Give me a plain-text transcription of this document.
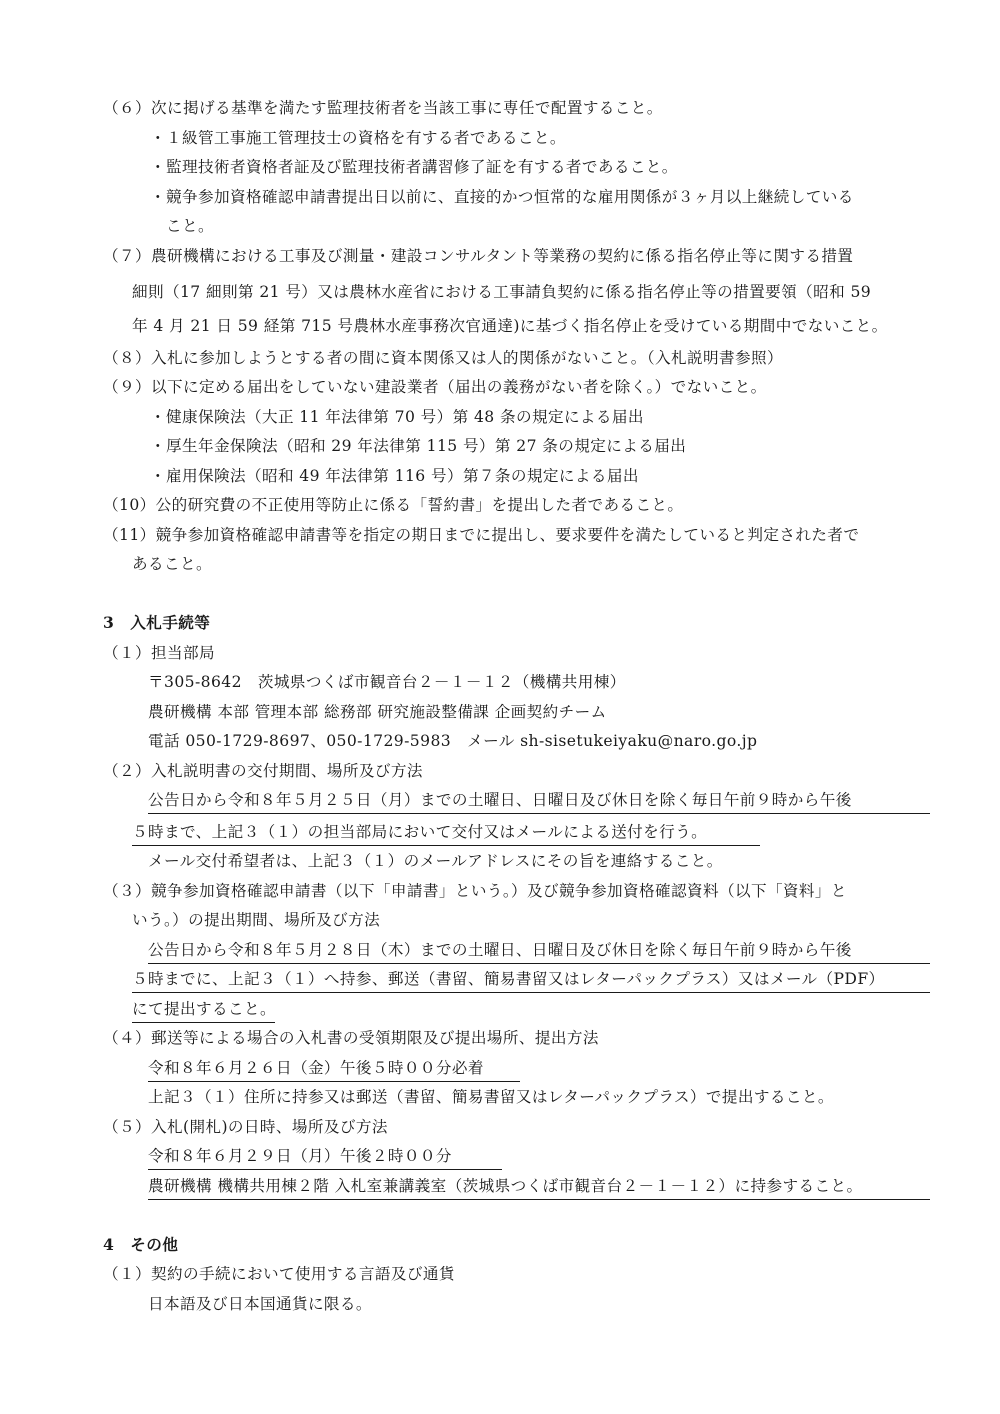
（６）次に掲げる基準を満たす監理技術者を当該工事に専任で配置すること。
・１級管工事施工管理技士の資格を有する者であること。
・監理技術者資格者証及び監理技術者講習修了証を有する者であること。
・競争参加資格確認申請書提出日以前に、直接的かつ恒常的な雇用関係が３ヶ月以上継続している
こと。
（７）農研機構における工事及び測量・建設コンサルタント等業務の契約に係る指名停止等に関する措置
細則（17 細則第 21 号）又は農林水産省における工事請負契約に係る指名停止等の措置要領（昭和 59
年 4 月 21 日 59 経第 715 号農林水産事務次官通達)に基づく指名停止を受けている期間中でないこと。
（８）入札に参加しようとする者の間に資本関係又は人的関係がないこと。（入札説明書参照）
（９）以下に定める届出をしていない建設業者（届出の義務がない者を除く。）でないこと。
・健康保険法（大正 11 年法律第 70 号）第 48 条の規定による届出
・厚生年金保険法（昭和 29 年法律第 115 号）第 27 条の規定による届出
・雇用保険法（昭和 49 年法律第 116 号）第７条の規定による届出
（10）公的研究費の不正使用等防止に係る「誓約書」を提出した者であること。
（11）競争参加資格確認申請書等を指定の期日までに提出し、要求要件を満たしていると判定された者で
あること。
3　入札手続等
（１）担当部局
〒305-8642　茨城県つくば市観音台２－１－１２（機構共用棟）
農研機構 本部 管理本部 総務部 研究施設整備課 企画契約チーム
電話 050-1729-8697、050-1729-5983　メール sh-sisetukeiyaku@naro.go.jp
（２）入札説明書の交付期間、場所及び方法
公告日から令和８年５月２５日（月）までの土曜日、日曜日及び休日を除く毎日午前９時から午後
５時まで、上記３（１）の担当部局において交付又はメールによる送付を行う。
メール交付希望者は、上記３（１）のメールアドレスにその旨を連絡すること。
（３）競争参加資格確認申請書（以下「申請書」という。）及び競争参加資格確認資料（以下「資料」と
いう。）の提出期間、場所及び方法
公告日から令和８年５月２８日（木）までの土曜日、日曜日及び休日を除く毎日午前９時から午後
５時までに、上記３（１）へ持参、郵送（書留、簡易書留又はレターパックプラス）又はメール（PDF）
にて提出すること。
（４）郵送等による場合の入札書の受領期限及び提出場所、提出方法
令和８年６月２６日（金）午後５時００分必着
上記３（１）住所に持参又は郵送（書留、簡易書留又はレターパックプラス）で提出すること。
（５）入札(開札)の日時、場所及び方法
令和８年６月２９日（月）午後２時００分
農研機構 機構共用棟２階 入札室兼講義室（茨城県つくば市観音台２－１－１２）に持参すること。
4　その他
（１）契約の手続において使用する言語及び通貨
日本語及び日本国通貨に限る。
